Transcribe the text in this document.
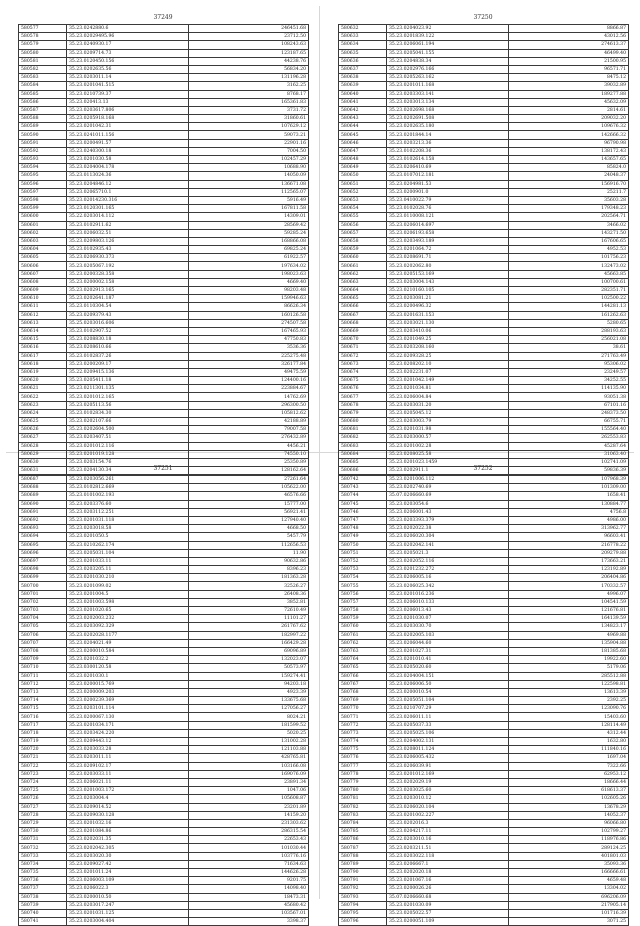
37249
580577	35.23.0242880.6	246451.68
580578	35.23.02029495.96	23712.50
580579	35.23.0240930.17	108243.63
580580	35.23.0209714.73	123187.65
580581	35.23.0120450.156	44238.76
580582	35.23.0202635.56	56834.20
580583	35.23.0203011.14	131196.28
580584	35.23.0201041.515	3162.25
580585	35.23.0210739.37	8768.17
580586	35.23.020413.13	165361.83
580587	35.23.0203617.806	3731.72
580588	35.23.0205918.168	31860.61
580589	35.23.0201042.31	107629.12
580590	35.23.0241011.156	59073.21
580591	35.23.0200491.57	22901.16
580592	35.23.0240300.18	7004.50
580593	35.23.0201030.58	102457.29
580594	35.23.0204004.178	10688.90
580595	35.23.0113024.36	14050.09
580596	35.23.0204846.12	136671.08
580597	35.23.02065710.1	112565.07
580598	35.23.02014230.316	5916.49
580599	35.23.0120301.165	167811.58
580600	35.22.0203014.112	14309.01
580601	35.23.0102911.62	28569.42
580602	35.23.0206032.51	59285.24
580603	35.23.0209803.126	168866.08
580604	35.23.0102935.43	69825.24
580605	35.23.0206930.373	61922.57
580606	35.23.0205067.192	197634.02
580607	35.23.0200328.358	198023.63
580608	35.23.0200002.158	4669.40
580609	35.23.0202913.165	98203.48
580610	35.23.0202641.187	159946.63
580611	35.23.0110304.54	86626.34
580612	35.23.0209379.43	160126.58
580613	35.25.0203016.606	274507.58
580614	35.23.0102907.52	167465.93
580615	35.23.0208830.18	47750.83
580616	35.23.0208610.66	3536.36
580617	35.23.0102837.26	225275.48
580618	35.23.0200209.17	326177.84
580619	35.22.0209415.136	49475.59
580620	35.23.0205411.18	124400.16
580621	35.23.0211301.135	223884.67
580622	35.23.0201012.165	14762.69
580623	35.23.0205113.56	296300.50
580624	35.23.0102834.30	105812.62
580625	35.23.0202107.66	42188.89
580626	35.23.0202604.500	79007.58
580627	35.23.0203407.51	276432.89
580628	35.23.0201012.116	4456.21
580629	35.23.0201019.128	74550.10
580630	35.23.0203154.76	25350.89
580631	35.23.0204130.34	128162.64
37250
580632	35.23.0204023.92	8866.87
580633	35.23.0201839.122	43012.56
580634	35.23.0206061.194	274613.37
580635	35.23.0205041.155	46499.40
580636	35.23.0204838.34	21500.95
580637	35.23.0202976.166	96571.71
580638	35.23.0205263.162	8475.12
580639	35.23.0201011.168	39032.89
580640	35.23.0203303.141	189277.88
580641	35.23.0203013.134	45632.09
580642	35.23.0202698.168	2814.61
580643	35.23.0202691.508	209032.20
580644	35.23.0202635.180	109676.32
580645	35.23.0201844.14	142666.32
580646	35.23.0203213.36	96790.98
580647	35.23.0102208.36	138172.43
580648	35.23.0102614.158	143657.65
580649	35.23.0206410.69	85824.0
580650	35.23.0107012.181	24048.37
580651	35.23.0204981.53	156916.70
580652	35.23.0200901.0	25211.7
580653	35.23.0410022.79	35603.28
580654	35.23.0102028.76	179348.23
580655	35.23.0110008.121	202564.71
580656	35.23.0206014.697	3466.02
580657	35.23.0206193.658	143271.50
580658	35.23.0203493.189	167606.65
580659	35.23.0201064.72	4952.53
580660	35.23.0208691.71	101756.23
580661	35.23.0202062.80	132473.02
580662	35.23.0205153.169	45663.85
580663	35.23.0203004.143	100700.61
580664	35.23.0210160.105	282351.71
580665	35.23.0203081.21	102500.22
580666	35.23.0200496.32	144281.13
580667	35.23.0201631.153	161262.63
580668	35.23.0203021.130	5280.65
580669	35.23.0203410.06	288193.63
580670	35.23.0201049.25	256021.08
580671	35.23.0203208.160	38.61
580672	35.22.0209328.25	271763.49
580673	35.23.0208202.10	95306.02
580674	35.23.0202231.07	23249.57
580675	35.23.0201042.149	34252.55
580676	35.23.0201034.81	114135.90
580677	35.23.0206004.84	93051.38
580678	35.23.0203031.20	67101.16
580679	35.23.0205045.12	248373.50
580680	35.23.0203003.79	66755.71
580681	35.23.0201031.98	155564.40
580682	35.23.0203000.57	262553.83
580683	35.23.0201002.28	45287.64
580684	35.23.0208025.58	31063.40
580685	35.23.0201023.1459	102741.09
580686	35.23.0202911.1	59836.39
37251
580687	35.23.0203056.261	27261.64
580688	35.23.0102812.669	105622.00
580689	35.23.0101002.193	46576.66
580690	35.23.0203376.60	15777.00
580691	35.23.0203112.251	56921.41
580692	35.23.0201031.118	127940.40
580693	35.23.0203018.58	4668.50
580694	35.23.0201050.5	5457.79
580695	35.23.0210262.174	112656.53
580696	35.23.0205031.104	11.90
580697	35.23.0201033.11	90632.86
580698	35.23.0203205.11	8396.23
580699	35.23.0201030.210	181363.28
580700	35.23.0201099.02	32526.27
580701	35.23.0201004.5	26408.36
580702	35.23.0201003.598	3852.81
580703	35.23.0201020.65	72610.49
580704	35.23.0202003.232	11101.27
580705	35.23.0203092.329	261767.62
580706	35.23.0202028.1177	182997.22
580707	35.23.0204021.49	166429.28
580708	35.23.0200010.584	69096.89
580709	35.23.0201032.2	132023.07
580710	35.23.0300120.58	50573.97
580711	35.23.0201030.1	159274.41
580712	35.23.0200015.769	94203.18
580713	35.23.0200009.203	4923.39
580714	35.23.0200239.369	133675.68
580715	35.23.0203101.114	127056.27
580716	35.23.0200067.130	8024.21
580717	35.23.0201034.171	181599.52
580718	35.23.0203424.220	5020.25
580719	35.23.0209443.12	131002.28
580720	35.23.0203033.28	121103.88
580721	35.23.0203011.11	428765.81
580722	35.23.0209102.17	103166.08
580723	35.23.0203033.11	169076.09
580724	35.23.0206021.11	23891.34
580725	35.23.0201003.172	1047.06
580726	35.23.0203004.4	105608.87
580727	35.23.0209014.52	23201.89
580728	35.23.0209030.128	14159.20
580729	35.23.0201032.16	231303.62
580730	35.23.0201084.86	286315.54
580731	35.23.0202031.35	22653.43
580732	35.23.0202042.305	101030.44
580733	35.23.0203020.30	103776.16
580734	35.23.0209027.42	71634.63
580735	35.23.0201011.24	144626.28
580736	35.23.0206003.109	9201.75
580737	35.23.0206022.3	14098.40
580738	35.23.0200010.50	18473.31
580739	35.23.0203017.247	45680.42
580740	35.23.0201031.125	103567.01
580741	35.23.0203004.404	3398.37
37252
580742	35.23.0201006.112	107968.39
580743	35.23.0202740.69	101309.00
580744	35.07.0206660.69	1658.41
580745	35.23.0203054.6	130884.77
580746	35.23.0206001.43	4756.8
580747	35.23.0203393.379	4986.00
580748	35.23.0202022.38	313962.77
580749	35.23.0206020.304	96603.41
580750	35.23.0202042.141	216778.22
580751	35.23.0205021.3	209279.88
580752	35.23.0202052.116	173663.21
580753	35.23.0201232.272	123192.89
580754	35.23.0206005.16	206404.86
580755	35.23.0206025.342	170332.57
580756	35.23.0201016.236	4996.07
580757	35.23.0206010.133	104541.59
580758	35.23.0206013.43	121676.81
580759	35.23.0201030.07	164139.59
580760	35.23.0203030.70	134823.17
580761	35.23.0202005.103	4969.88
580762	35.23.0206044.60	135904.88
580763	35.23.0201027.31	181385.68
580764	35.23.0201010.41	19922.60
580765	35.23.0205020.60	5179.06
580766	35.23.0204004.151	285512.88
580767	35.23.0206006.50	122598.81
580768	35.23.0200010.54	13613.39
580769	35.23.0205051.104	2392.25
580770	35.23.0210707.29	123090.76
580771	35.23.0206011.11	15403.60
580772	35.23.0205037.33	128114.49
580773	35.23.0205025.106	4312.44
580774	35.23.0204002.131	1632.80
580775	35.23.0208011.124	111840.16
580776	35.23.0206005.432	1697.04
580777	35.23.0206039.91	7322.66
580778	35.23.0201012.169	62953.12
580779	35.23.0202029.19	18666.44
580780	35.23.0203025.60	618613.37
580781	35.23.0203010.12	102605.26
580782	35.23.0206020.104	13678.29
580783	35.23.0201002.227	14052.37
580784	35.23.0202016.3	96066.80
580785	35.23.0204217.11	102799.27
580786	35.22.0203010.16	118976.86
580787	35.23.0203211.51	289124.25
580788	35.23.0203022.118	401801.03
580789	35.23.0206667.1	35093.36
580790	35.23.0202020.18	166666.61
580791	35.23.0201067.16	4659.48
580792	35.23.0200026.26	13304.02
580793	35.07.0206660.68	696206.09
580794	35.23.0201030.09	217905.14
580795	35.23.0205022.57	101716.39
580796	35.23.0200051.109	3071.25
